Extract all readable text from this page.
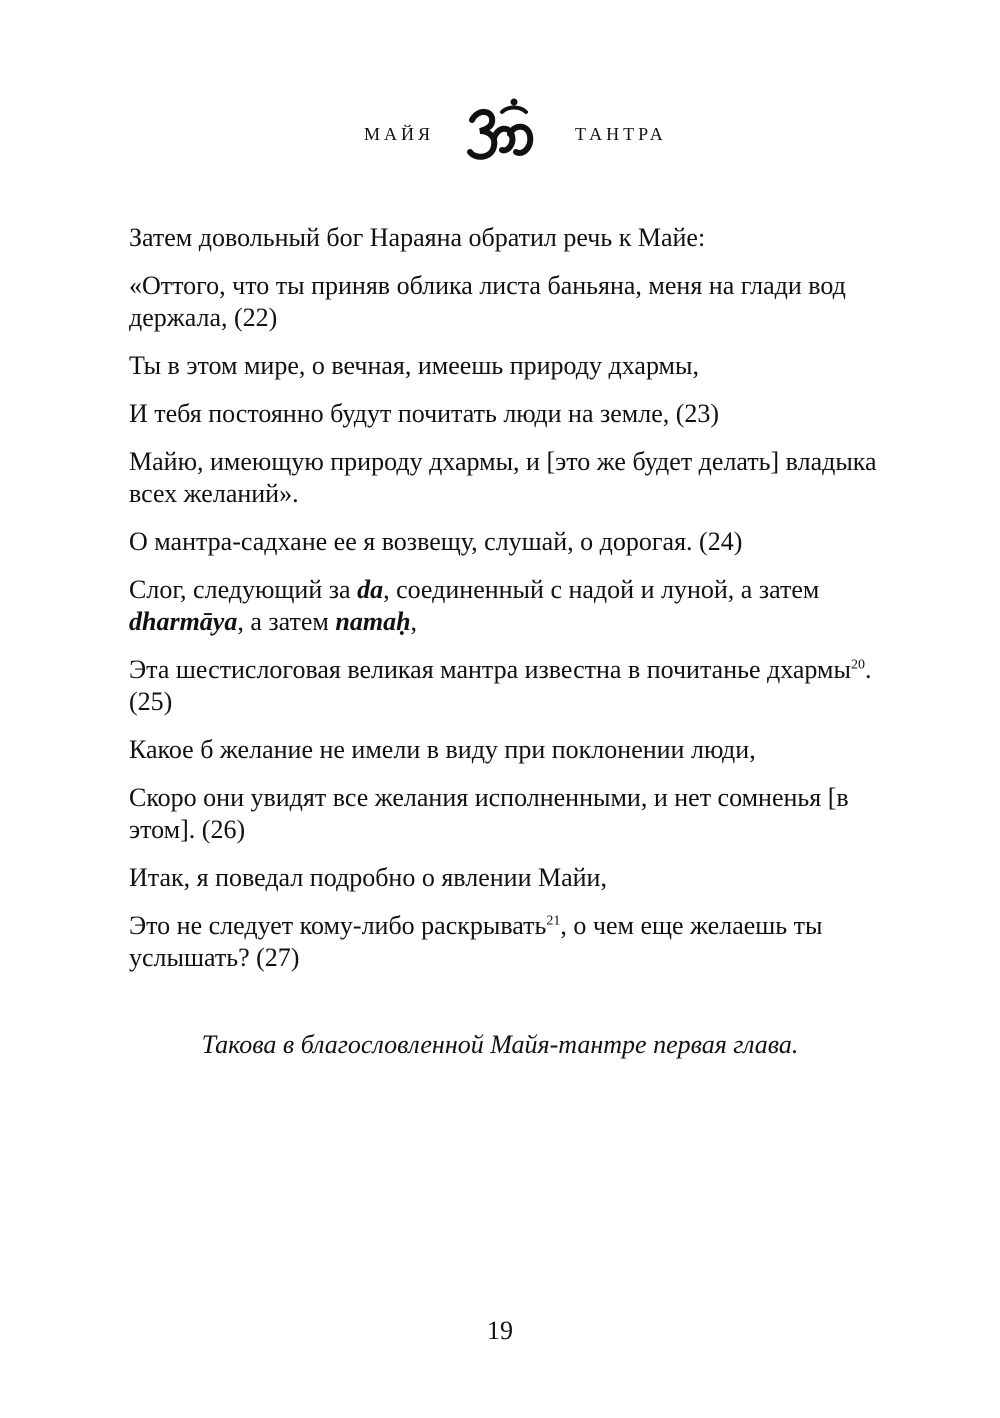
МАЙЯ	ТАНТРА

Затем довольный бог Нараяна обратил речь к Майе:

«Оттого, что ты приняв облика листа баньяна, меня на глади вод держала, (22)

Ты в этом мире, о вечная, имеешь природу дхармы,

И тебя постоянно будут почитать люди на земле, (23)

Майю, имеющую природу дхармы, и [это же будет делать] владыка всех желаний».

О мантра-садхане ее я возвещу, слушай, о дорогая. (24)

Слог, следующий за da, соединенный с надой и луной, а затем dharmāya, а затем namaḥ,

Эта шестислоговая великая мантра известна в почитанье дхармы$^{20}$. (25)

Какое б желание не имели в виду при поклонении люди,

Скоро они увидят все желания исполненными, и нет сомненья [в этом]. (26)

Итак, я поведал подробно о явлении Майи,

Это не следует кому-либо раскрывать$^{21}$, о чем еще желаешь ты услышать? (27)

Такова в благословленной Майя-тантре первая глава.
19
